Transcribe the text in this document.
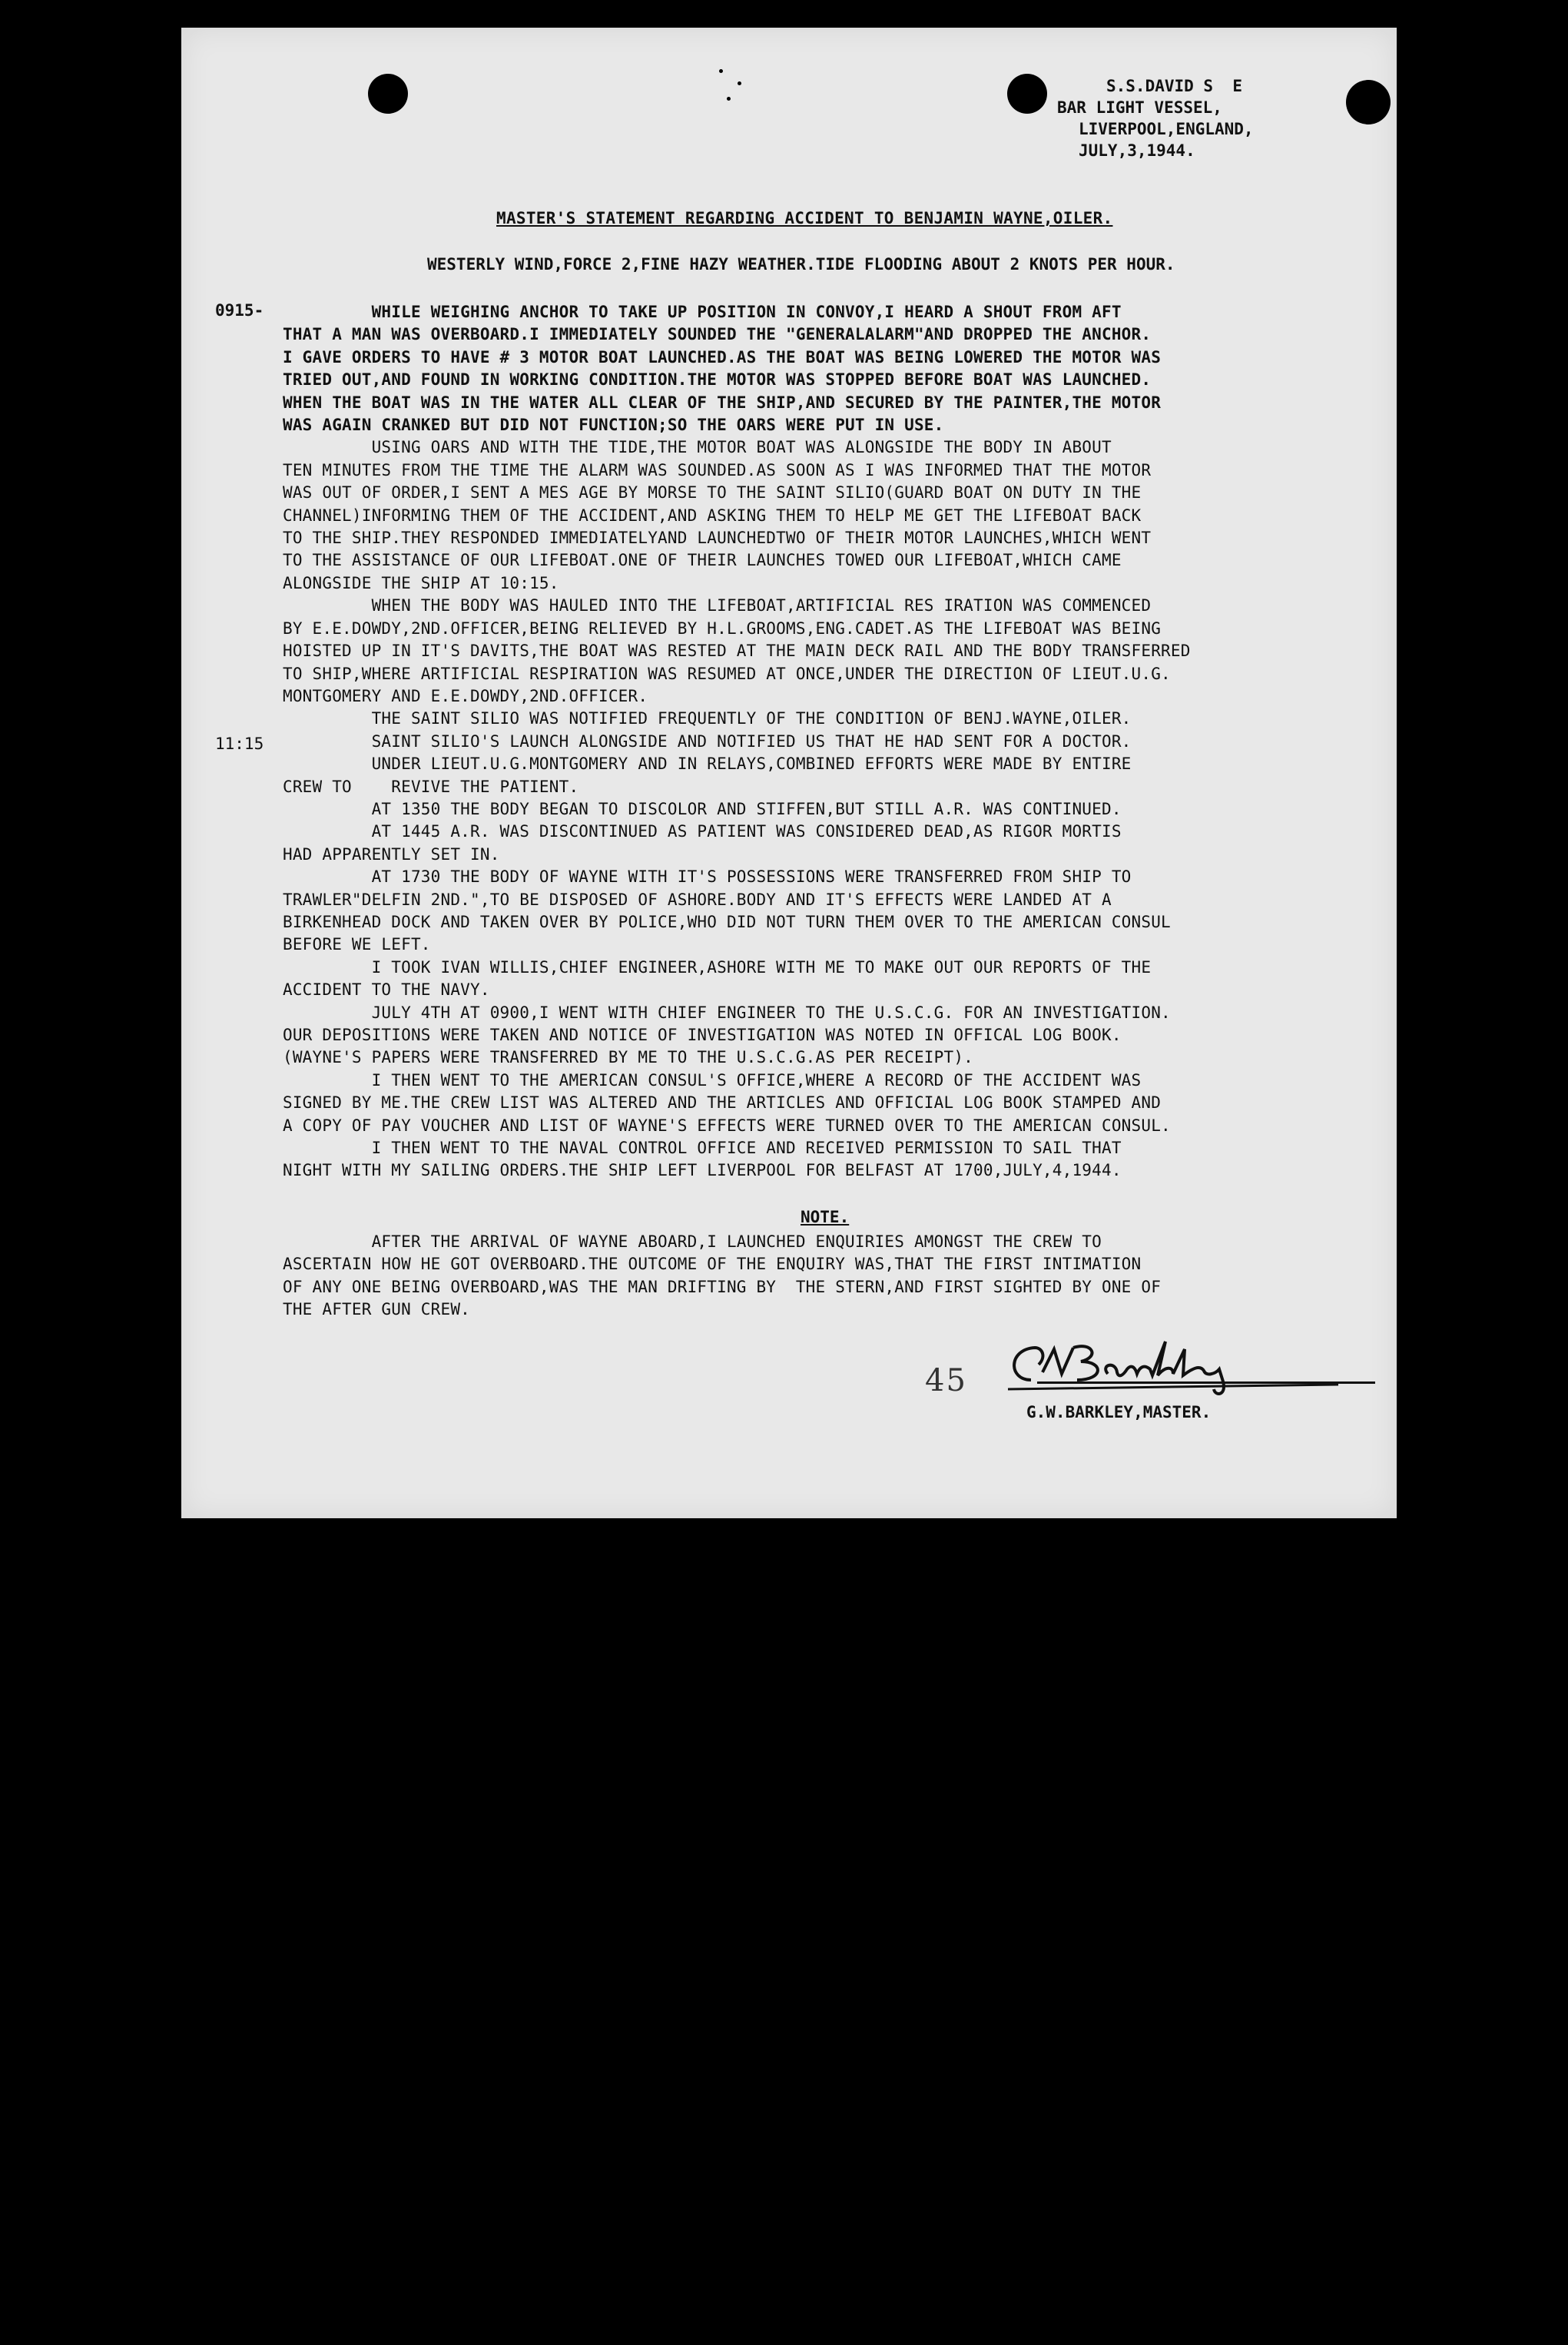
S.S.DAVID S  E
BAR LIGHT VESSEL,
LIVERPOOL,ENGLAND,
JULY,3,1944.
MASTER'S STATEMENT REGARDING ACCIDENT TO BENJAMIN WAYNE,OILER.
WESTERLY WIND,FORCE 2,FINE HAZY WEATHER.TIDE FLOODING ABOUT 2 KNOTS PER HOUR.
0915-
11:15
WHILE WEIGHING ANCHOR TO TAKE UP POSITION IN CONVOY,I HEARD A SHOUT FROM AFT
THAT A MAN WAS OVERBOARD.I IMMEDIATELY SOUNDED THE "GENERALALARM"AND DROPPED THE ANCHOR.
I GAVE ORDERS TO HAVE # 3 MOTOR BOAT LAUNCHED.AS THE BOAT WAS BEING LOWERED THE MOTOR WAS
TRIED OUT,AND FOUND IN WORKING CONDITION.THE MOTOR WAS STOPPED BEFORE BOAT WAS LAUNCHED.
WHEN THE BOAT WAS IN THE WATER ALL CLEAR OF THE SHIP,AND SECURED BY THE PAINTER,THE MOTOR
WAS AGAIN CRANKED BUT DID NOT FUNCTION;SO THE OARS WERE PUT IN USE.
USING OARS AND WITH THE TIDE,THE MOTOR BOAT WAS ALONGSIDE THE BODY IN ABOUT
TEN MINUTES FROM THE TIME THE ALARM WAS SOUNDED.AS SOON AS I WAS INFORMED THAT THE MOTOR
WAS OUT OF ORDER,I SENT A MES AGE BY MORSE TO THE SAINT SILIO(GUARD BOAT ON DUTY IN THE
CHANNEL)INFORMING THEM OF THE ACCIDENT,AND ASKING THEM TO HELP ME GET THE LIFEBOAT BACK
TO THE SHIP.THEY RESPONDED IMMEDIATELYAND LAUNCHEDTWO OF THEIR MOTOR LAUNCHES,WHICH WENT
TO THE ASSISTANCE OF OUR LIFEBOAT.ONE OF THEIR LAUNCHES TOWED OUR LIFEBOAT,WHICH CAME
ALONGSIDE THE SHIP AT 10:15.
WHEN THE BODY WAS HAULED INTO THE LIFEBOAT,ARTIFICIAL RES IRATION WAS COMMENCED
BY E.E.DOWDY,2ND.OFFICER,BEING RELIEVED BY H.L.GROOMS,ENG.CADET.AS THE LIFEBOAT WAS BEING
HOISTED UP IN IT'S DAVITS,THE BOAT WAS RESTED AT THE MAIN DECK RAIL AND THE BODY TRANSFERRED
TO SHIP,WHERE ARTIFICIAL RESPIRATION WAS RESUMED AT ONCE,UNDER THE DIRECTION OF LIEUT.U.G.
MONTGOMERY AND E.E.DOWDY,2ND.OFFICER.
THE SAINT SILIO WAS NOTIFIED FREQUENTLY OF THE CONDITION OF BENJ.WAYNE,OILER.
SAINT SILIO'S LAUNCH ALONGSIDE AND NOTIFIED US THAT HE HAD SENT FOR A DOCTOR.
UNDER LIEUT.U.G.MONTGOMERY AND IN RELAYS,COMBINED EFFORTS WERE MADE BY ENTIRE
CREW TO    REVIVE THE PATIENT.
AT 1350 THE BODY BEGAN TO DISCOLOR AND STIFFEN,BUT STILL A.R. WAS CONTINUED.
AT 1445 A.R. WAS DISCONTINUED AS PATIENT WAS CONSIDERED DEAD,AS RIGOR MORTIS
HAD APPARENTLY SET IN.
AT 1730 THE BODY OF WAYNE WITH IT'S POSSESSIONS WERE TRANSFERRED FROM SHIP TO
TRAWLER"DELFIN 2ND.",TO BE DISPOSED OF ASHORE.BODY AND IT'S EFFECTS WERE LANDED AT A
BIRKENHEAD DOCK AND TAKEN OVER BY POLICE,WHO DID NOT TURN THEM OVER TO THE AMERICAN CONSUL
BEFORE WE LEFT.
I TOOK IVAN WILLIS,CHIEF ENGINEER,ASHORE WITH ME TO MAKE OUT OUR REPORTS OF THE
ACCIDENT TO THE NAVY.
JULY 4TH AT 0900,I WENT WITH CHIEF ENGINEER TO THE U.S.C.G. FOR AN INVESTIGATION.
OUR DEPOSITIONS WERE TAKEN AND NOTICE OF INVESTIGATION WAS NOTED IN OFFICAL LOG BOOK.
(WAYNE'S PAPERS WERE TRANSFERRED BY ME TO THE U.S.C.G.AS PER RECEIPT).
I THEN WENT TO THE AMERICAN CONSUL'S OFFICE,WHERE A RECORD OF THE ACCIDENT WAS
SIGNED BY ME.THE CREW LIST WAS ALTERED AND THE ARTICLES AND OFFICIAL LOG BOOK STAMPED AND
A COPY OF PAY VOUCHER AND LIST OF WAYNE'S EFFECTS WERE TURNED OVER TO THE AMERICAN CONSUL.
I THEN WENT TO THE NAVAL CONTROL OFFICE AND RECEIVED PERMISSION TO SAIL THAT
NIGHT WITH MY SAILING ORDERS.THE SHIP LEFT LIVERPOOL FOR BELFAST AT 1700,JULY,4,1944.
NOTE.
AFTER THE ARRIVAL OF WAYNE ABOARD,I LAUNCHED ENQUIRIES AMONGST THE CREW TO
ASCERTAIN HOW HE GOT OVERBOARD.THE OUTCOME OF THE ENQUIRY WAS,THAT THE FIRST INTIMATION
OF ANY ONE BEING OVERBOARD,WAS THE MAN DRIFTING BY  THE STERN,AND FIRST SIGHTED BY ONE OF
THE AFTER GUN CREW.
45
G.W.BARKLEY,MASTER.
